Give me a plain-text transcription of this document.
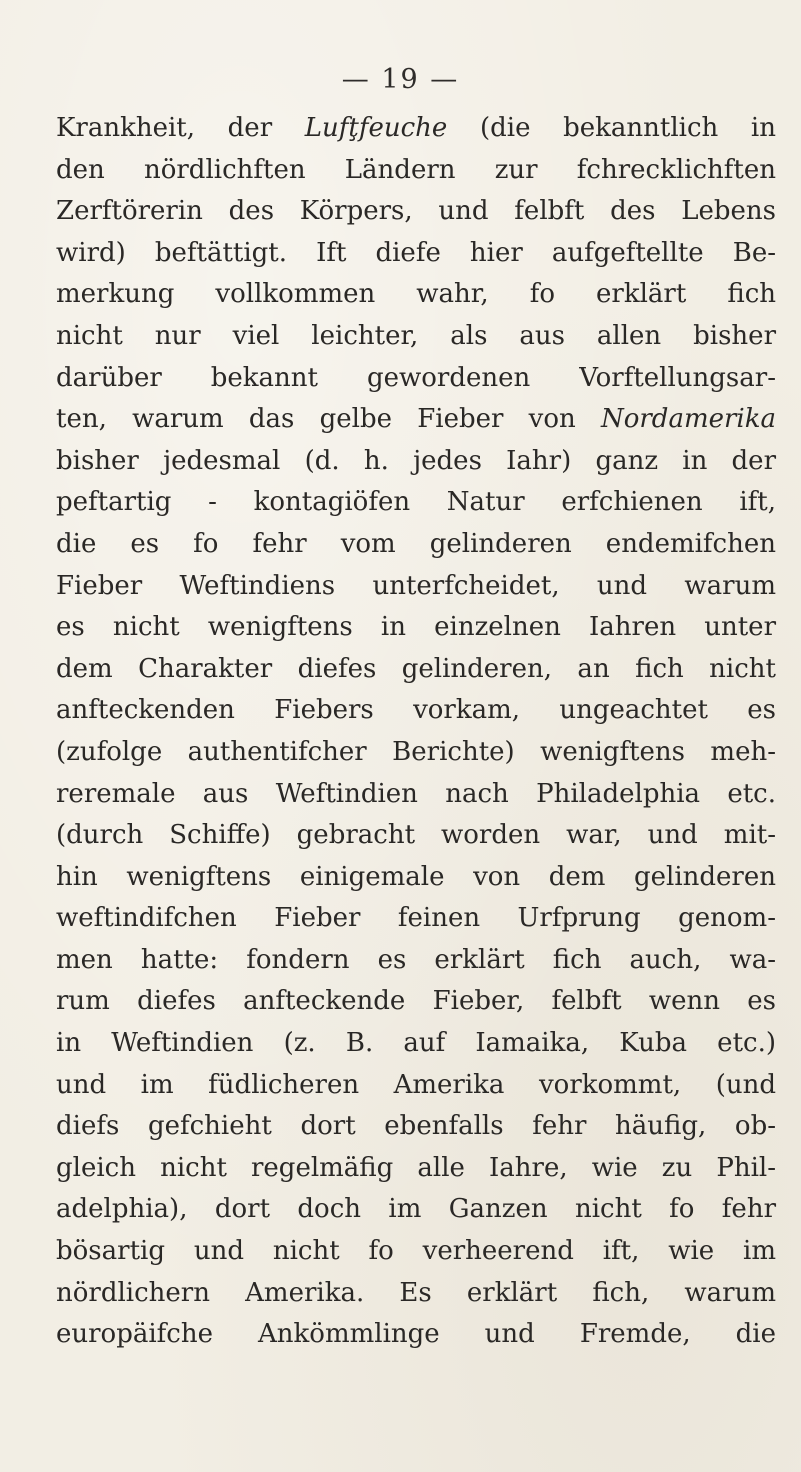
— 19 —
Krankheit, der Lufţfeuche (die bekanntlich in
den nördlichften Ländern zur fchrecklichften
Zerftörerin des Körpers, und felbft des Lebens
wird) beftättigt. Ift diefe hier aufgeftellte Be-
merkung vollkommen wahr, fo erklärt fich
nicht nur viel leichter, als aus allen bisher
darüber bekannt gewordenen Vorftellungsar-
ten, warum das gelbe Fieber von Nordamerika
bisher jedesmal (d. h. jedes Iahr) ganz in der
peftartig - kontagiöfen Natur erfchienen ift,
die es fo fehr vom gelinderen endemifchen
Fieber Weftindiens unterfcheidet, und warum
es nicht wenigftens in einzelnen Iahren unter
dem Charakter diefes gelinderen, an fich nicht
anfteckenden Fiebers vorkam, ungeachtet es
(zufolge authentifcher Berichte) wenigftens meh-
reremale aus Weftindien nach Philadelphia etc.
(durch Schiffe) gebracht worden war, und mit-
hin wenigftens einigemale von dem gelinderen
weftindifchen Fieber feinen Urfprung genom-
men hatte: fondern es erklärt fich auch, wa-
rum diefes anfteckende Fieber, felbft wenn es
in Weftindien (z. B. auf Iamaika, Kuba etc.)
und im füdlicheren Amerika vorkommt, (und
diefs gefchieht dort ebenfalls fehr häufig, ob-
gleich nicht regelmäfig alle Iahre, wie zu Phil-
adelphia), dort doch im Ganzen nicht fo fehr
bösartig und nicht fo verheerend ift, wie im
nördlichern Amerika. Es erklärt fich, warum
europäifche Ankömmlinge und Fremde, die
